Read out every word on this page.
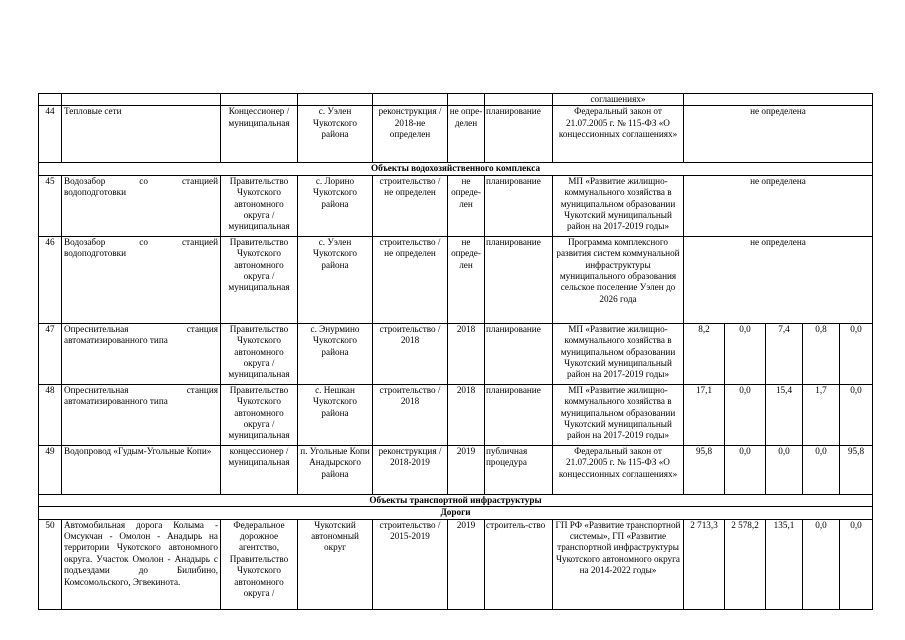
							соглашениях»					
44	Тепловые сети	Концессионер / муниципальная	с. Уэлен Чукотского района	реконструкция / 2018-не определен	не опре-делен	планирование	Федеральный закон от 21.07.2005 г. № 115-ФЗ «О концессионных соглашениях»	не определена				
Объекты водохозяйственного комплекса												
45	Водозабор со станцией водоподготовки	Правительство Чукотского автономного округа / муниципальная	с. Лорино Чукотского района	строительство / не определен	не опреде-лен	планирование	МП «Развитие жилищно-коммунального хозяйства в муниципальном образовании Чукотский муниципальный район на 2017-2019 годы»	не определена				
46	Водозабор со станцией водоподготовки	Правительство Чукотского автономного округа / муниципальная	с. Уэлен Чукотского района	строительство / не определен	не опреде-лен	планирование	Программа комплексного развития систем коммунальной инфраструктуры муниципального образования сельское поселение Уэлен до 2026 года	не определена				
47	Опреснительная станция автоматизированного типа	Правительство Чукотского автономного округа / муниципальная	с. Энурмино Чукотского района	строительство / 2018	2018	планирование	МП «Развитие жилищно-коммунального хозяйства в муниципальном образовании Чукотский муниципальный район на 2017-2019 годы»	8,2	0,0	7,4	0,8	0,0
48	Опреснительная станция автоматизированного типа	Правительство Чукотского автономного округа / муниципальная	с. Нешкан Чукотского района	строительство / 2018	2018	планирование	МП «Развитие жилищно-коммунального хозяйства в муниципальном образовании Чукотский муниципальный район на 2017-2019 годы»	17,1	0,0	15,4	1,7	0,0
49	Водопровод «Гудым-Угольные Копи»	концессионер / муниципальная	п. Угольные Копи Анадырского района	реконструкция / 2018-2019	2019	публичная процедура	Федеральный закон от 21.07.2005 г. № 115-ФЗ «О концессионных соглашениях»	95,8	0,0	0,0	0,0	95,8
Объекты транспортной инфраструктуры												
Дороги												
50	Автомобильная дорога Колыма - Омсукчан - Омолон - Анадырь на территории Чукотского автономного округа. Участок Омолон - Анадырь с подъездами до Билибино, Комсомольского, Эгвекинота.	Федеральное дорожное агентство, Правительство Чукотского автономного округа /	Чукотский автономный округ	строительство / 2015-2019	2019	строитель-ство	ГП РФ «Развитие транспортной системы», ГП «Развитие транспортной инфраструктуры Чукотского автономного округа на 2014-2022 годы»	2 713,3	2 578,2	135,1	0,0	0,0
